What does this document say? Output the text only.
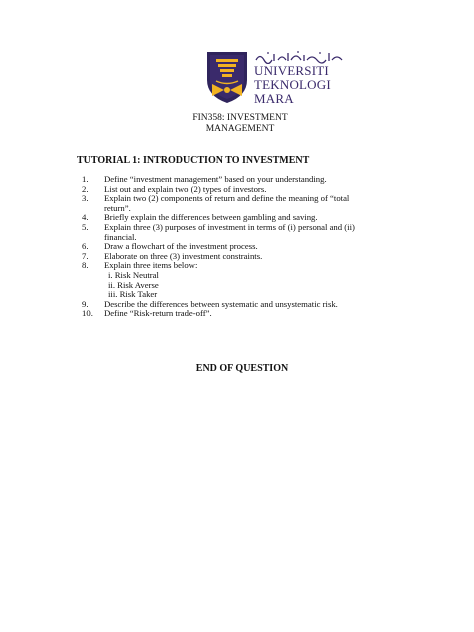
UNIVERSITI
TEKNOLOGI
MARA
FIN358: INVESTMENT
MANAGEMENT
TUTORIAL 1: INTRODUCTION TO INVESTMENT
1.	Define “investment management” based on your understanding.
2.	List out and explain two (2) types of investors.
3.	Explain two (2) components of return and define the meaning of “total
return”.
4.	Briefly explain the differences between gambling and saving.
5.	Explain three (3) purposes of investment in terms of (i) personal and (ii)
financial.
6.	Draw a flowchart of the investment process.
7.	Elaborate on three (3) investment constraints.
8.	Explain three items below:
i. Risk Neutral
ii. Risk Averse
iii. Risk Taker
9.	Describe the differences between systematic and unsystematic risk.
10.	Define “Risk-return trade-off”.
END OF QUESTION
